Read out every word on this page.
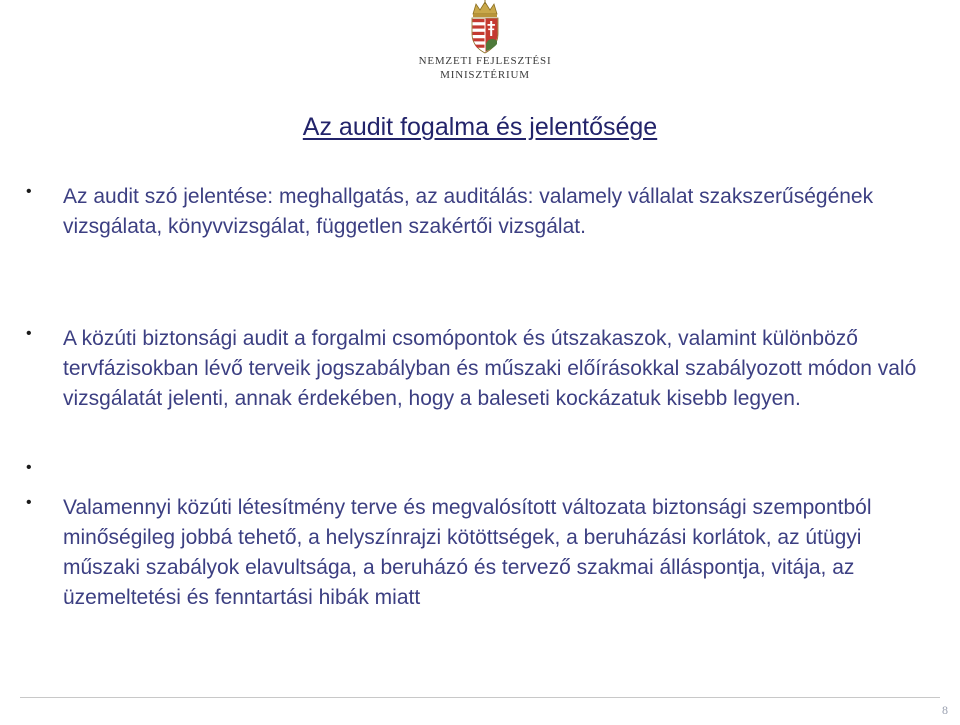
NEMZETI FEJLESZTÉSI
MINISZTÉRIUM
Az audit fogalma és jelentősége
• Az audit szó jelentése: meghallgatás, az auditálás: valamely vállalat szakszerűségének vizsgálata, könyvvizsgálat, független szakértői vizsgálat.
• A közúti biztonsági audit a forgalmi csomópontok és útszakaszok, valamint különböző tervfázisokban lévő terveik jogszabályban és műszaki előírásokkal szabályozott módon való vizsgálatát jelenti, annak érdekében, hogy a baleseti kockázatuk kisebb legyen.
•
• Valamennyi közúti létesítmény terve és megvalósított változata biztonsági szempontból minőségileg jobbá tehető, a helyszínrajzi kötöttségek, a beruházási korlátok, az útügyi műszaki szabályok elavultsága, a beruházó és tervező szakmai álláspontja, vitája, az üzemeltetési és fenntartási hibák miatt
8
